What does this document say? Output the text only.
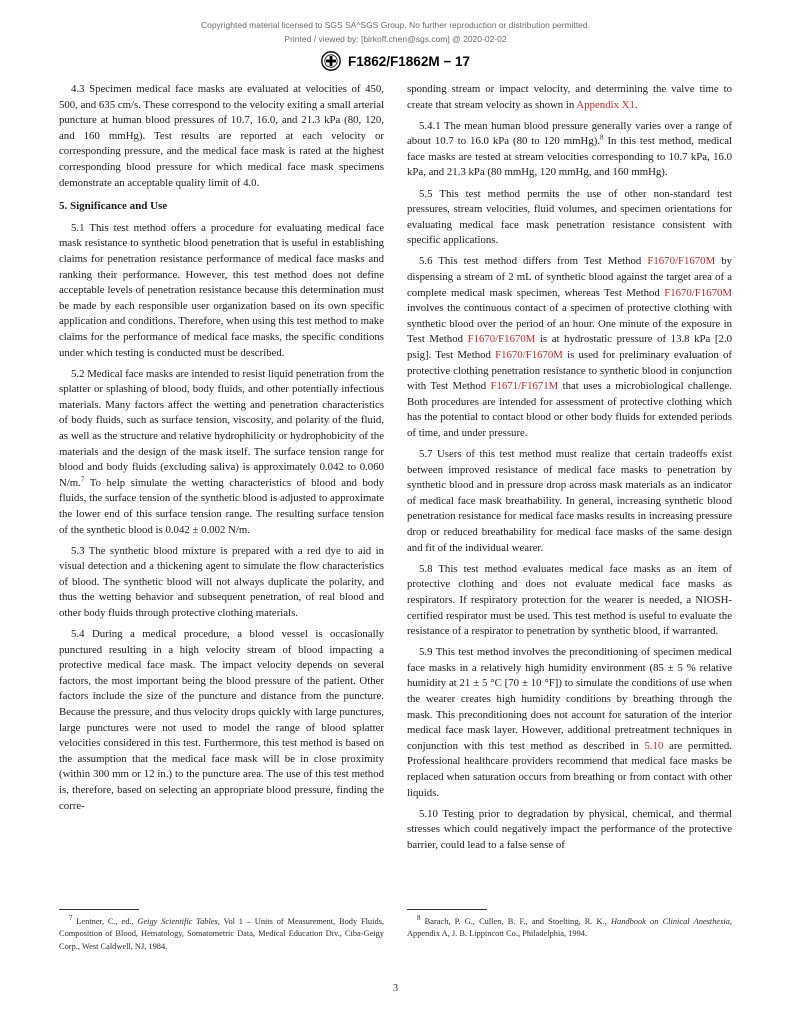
Copyrighted material licensed to SGS SA^SGS Group. No further reproduction or distribution permitted.
Printed / viewed by: [birkoff.chen@sgs.com] @ 2020-02-02
F1862/F1862M − 17

4.3 Specimen medical face masks are evaluated at velocities of 450, 500, and 635 cm/s. These correspond to the velocity exiting a small arterial puncture at human blood pressures of 10.7, 16.0, and 21.3 kPa (80, 120, and 160 mmHg). Test results are reported at each velocity or corresponding pressure, and the medical face mask is rated at the highest corresponding blood pressure for which medical face mask specimens demonstrate an acceptable quality limit of 4.0.

5. Significance and Use

5.1 This test method offers a procedure for evaluating medical face mask resistance to synthetic blood penetration that is useful in establishing claims for penetration resistance performance of medical face masks and ranking their performance. However, this test method does not define acceptable levels of penetration resistance because this determination must be made by each responsible user organization based on its own specific application and conditions. Therefore, when using this test method to make claims for the performance of medical face masks, the specific conditions under which testing is conducted must be described.

5.2 Medical face masks are intended to resist liquid penetration from the splatter or splashing of blood, body fluids, and other potentially infectious materials. Many factors affect the wetting and penetration characteristics of body fluids, such as surface tension, viscosity, and polarity of the fluid, as well as the structure and relative hydrophilicity or hydrophobicity of the materials and the design of the mask itself. The surface tension range for blood and body fluids (excluding saliva) is approximately 0.042 to 0.060 N/m.$^7$ To help simulate the wetting characteristics of blood and body fluids, the surface tension of the synthetic blood is adjusted to approximate the lower end of this surface tension range. The resulting surface tension of the synthetic blood is 0.042 ± 0.002 N/m.

5.3 The synthetic blood mixture is prepared with a red dye to aid in visual detection and a thickening agent to simulate the flow characteristics of blood. The synthetic blood will not always duplicate the polarity, and thus the wetting behavior and subsequent penetration, of real blood and other body fluids through protective clothing materials.

5.4 During a medical procedure, a blood vessel is occasionally punctured resulting in a high velocity stream of blood impacting a protective medical face mask. The impact velocity depends on several factors, the most important being the blood pressure of the patient. Other factors include the size of the puncture and distance from the puncture. Because the pressure, and thus velocity drops quickly with large punctures, large punctures were not used to model the range of blood splatter velocities considered in this test. Furthermore, this test method is based on the assumption that the medical face mask will be in close proximity (within 300 mm or 12 in.) to the puncture area. The use of this test method is, therefore, based on selecting an appropriate blood pressure, finding the corre-

sponding stream or impact velocity, and determining the valve time to create that stream velocity as shown in Appendix X1.

5.4.1 The mean human blood pressure generally varies over a range of about 10.7 to 16.0 kPa (80 to 120 mmHg).$^8$ In this test method, medical face masks are tested at stream velocities corresponding to 10.7 kPa, 16.0 kPa, and 21.3 kPa (80 mmHg, 120 mmHg, and 160 mmHg).

5.5 This test method permits the use of other non-standard test pressures, stream velocities, fluid volumes, and specimen orientations for evaluating medical face mask penetration resistance consistent with specific applications.

5.6 This test method differs from Test Method F1670/F1670M by dispensing a stream of 2 mL of synthetic blood against the target area of a complete medical mask specimen, whereas Test Method F1670/F1670M involves the continuous contact of a specimen of protective clothing with synthetic blood over the period of an hour. One minute of the exposure in Test Method F1670/F1670M is at hydrostatic pressure of 13.8 kPa [2.0 psig]. Test Method F1670/F1670M is used for preliminary evaluation of protective clothing penetration resistance to synthetic blood in conjunction with Test Method F1671/F1671M that uses a microbiological challenge. Both procedures are intended for assessment of protective clothing which has the potential to contact blood or other body fluids for extended periods of time, and under pressure.

5.7 Users of this test method must realize that certain tradeoffs exist between improved resistance of medical face masks to penetration by synthetic blood and in pressure drop across mask materials as an indicator of medical face mask breathability. In general, increasing synthetic blood penetration resistance for medical face masks results in increasing pressure drop or reduced breathability for medical face masks of the same design and fit of the individual wearer.

5.8 This test method evaluates medical face masks as an item of protective clothing and does not evaluate medical face masks as respirators. If respiratory protection for the wearer is needed, a NIOSH-certified respirator must be used. This test method is useful to evaluate the resistance of a respirator to penetration by synthetic blood, if warranted.

5.9 This test method involves the preconditioning of specimen medical face masks in a relatively high humidity environment (85 ± 5 % relative humidity at 21 ± 5 °C [70 ± 10 °F]) to simulate the conditions of use when the wearer creates high humidity conditions by breathing through the mask. This preconditioning does not account for saturation of the interior medical face mask layer. However, additional pretreatment techniques in conjunction with this test method as described in 5.10 are permitted. Professional healthcare providers recommend that medical face masks be replaced when saturation occurs from breathing or from contact with other liquids.

5.10 Testing prior to degradation by physical, chemical, and thermal stresses which could negatively impact the performance of the protective barrier, could lead to a false sense of

$^7$ Lentner, C., ed., Geigy Scientific Tables, Vol 1 – Units of Measurement, Body Fluids, Composition of Blood, Hematology, Somatometric Data, Medical Education Div., Ciba-Geigy Corp., West Caldwell, NJ, 1984.
$^8$ Barach, P. G., Cullen, B. F., and Stoelting, R. K., Handbook on Clinical Anesthesia, Appendix A, J. B. Lippincott Co., Philadelphia, 1994.
3
